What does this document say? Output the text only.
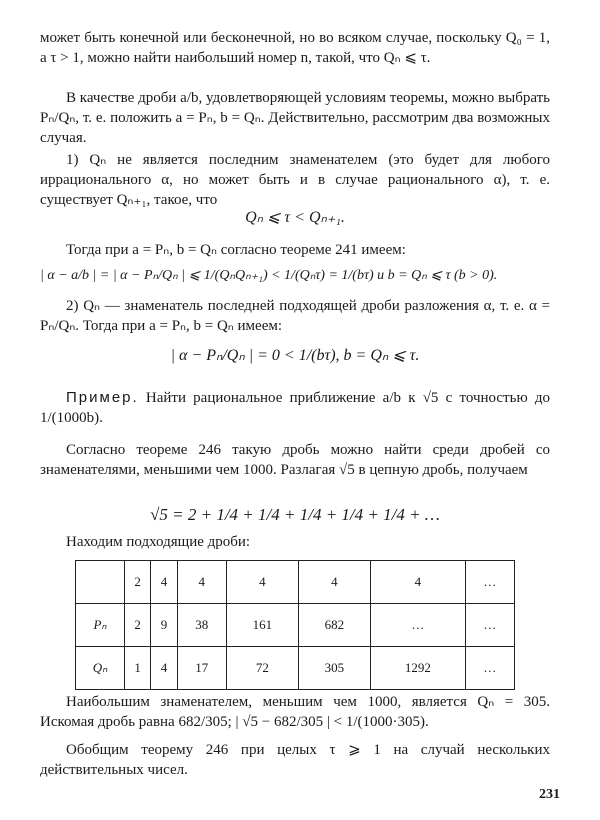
может быть конечной или бесконечной, но во всяком случае, поскольку Q₀ = 1, а τ > 1, можно найти наибольший номер n, такой, что Qₙ ⩽ τ.

В качестве дроби a/b, удовлетворяющей условиям теоремы, можно выбрать Pₙ/Qₙ, т. е. положить a = Pₙ, b = Qₙ. Действительно, рассмотрим два возможных случая.

1) Qₙ не является последним знаменателем (это будет для любого иррационального α, но может быть и в случае рационального α), т. е. существует Qₙ₊₁, такое, что

Qₙ ⩽ τ < Qₙ₊₁.

Тогда при a = Pₙ, b = Qₙ согласно теореме 241 имеем:

| α − a/b | = | α − Pₙ/Qₙ | ⩽ 1/(QₙQₙ₊₁) < 1/(Qₙτ) = 1/(bτ) и b = Qₙ ⩽ τ (b > 0).

2) Qₙ — знаменатель последней подходящей дроби разложения α, т. е. α = Pₙ/Qₙ. Тогда при a = Pₙ, b = Qₙ имеем:

| α − Pₙ/Qₙ | = 0 < 1/(bτ), b = Qₙ ⩽ τ.

Пример. Найти рациональное приближение a/b к √5 с точностью до 1/(1000b).

Согласно теореме 246 такую дробь можно найти среди дробей со знаменателями, меньшими чем 1000. Разлагая √5 в цепную дробь, получаем

√5 = 2 + 1/4 + 1/4 + 1/4 + 1/4 + 1/4 + …

Находим подходящие дроби:

	2	4	4	4	4	4	…
Pₙ	2	9	38	161	682	…	…
Qₙ	1	4	17	72	305	1292	…

Наибольшим знаменателем, меньшим чем 1000, является Qₙ = 305. Искомая дробь равна 682/305; | √5 − 682/305 | < 1/(1000·305).

Обобщим теорему 246 при целых τ ⩾ 1 на случай нескольких действительных чисел.

231
